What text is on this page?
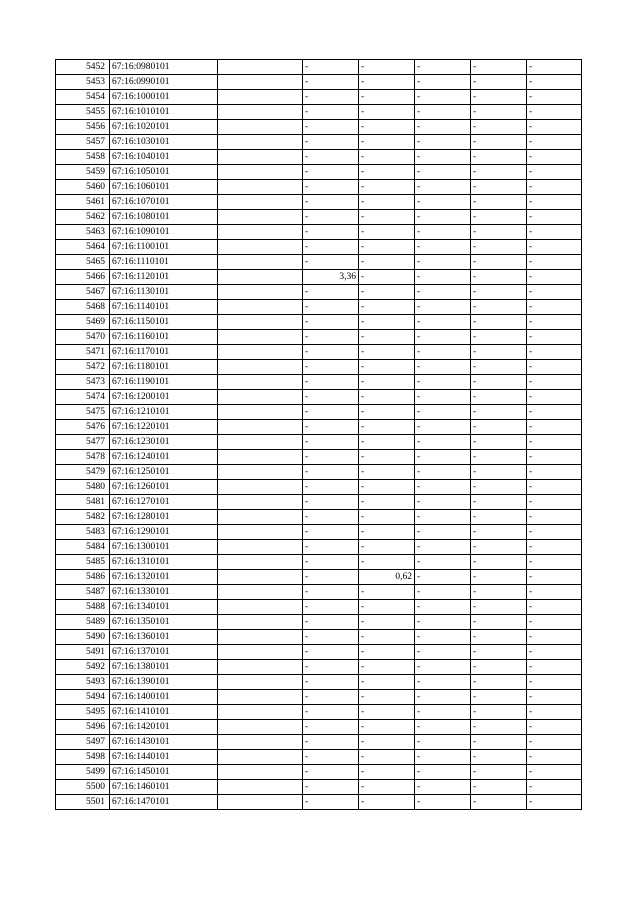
5452	67:16:0980101		-	-	-	-	-
5453	67:16:0990101		-	-	-	-	-
5454	67:16:1000101		-	-	-	-	-
5455	67:16:1010101		-	-	-	-	-
5456	67:16:1020101		-	-	-	-	-
5457	67:16:1030101		-	-	-	-	-
5458	67:16:1040101		-	-	-	-	-
5459	67:16:1050101		-	-	-	-	-
5460	67:16:1060101		-	-	-	-	-
5461	67:16:1070101		-	-	-	-	-
5462	67:16:1080101		-	-	-	-	-
5463	67:16:1090101		-	-	-	-	-
5464	67:16:1100101		-	-	-	-	-
5465	67:16:1110101		-	-	-	-	-
5466	67:16:1120101		3,36	-	-	-	-
5467	67:16:1130101		-	-	-	-	-
5468	67:16:1140101		-	-	-	-	-
5469	67:16:1150101		-	-	-	-	-
5470	67:16:1160101		-	-	-	-	-
5471	67:16:1170101		-	-	-	-	-
5472	67:16:1180101		-	-	-	-	-
5473	67:16:1190101		-	-	-	-	-
5474	67:16:1200101		-	-	-	-	-
5475	67:16:1210101		-	-	-	-	-
5476	67:16:1220101		-	-	-	-	-
5477	67:16:1230101		-	-	-	-	-
5478	67:16:1240101		-	-	-	-	-
5479	67:16:1250101		-	-	-	-	-
5480	67:16:1260101		-	-	-	-	-
5481	67:16:1270101		-	-	-	-	-
5482	67:16:1280101		-	-	-	-	-
5483	67:16:1290101		-	-	-	-	-
5484	67:16:1300101		-	-	-	-	-
5485	67:16:1310101		-	-	-	-	-
5486	67:16:1320101		-	0,62	-	-	-
5487	67:16:1330101		-	-	-	-	-
5488	67:16:1340101		-	-	-	-	-
5489	67:16:1350101		-	-	-	-	-
5490	67:16:1360101		-	-	-	-	-
5491	67:16:1370101		-	-	-	-	-
5492	67:16:1380101		-	-	-	-	-
5493	67:16:1390101		-	-	-	-	-
5494	67:16:1400101		-	-	-	-	-
5495	67:16:1410101		-	-	-	-	-
5496	67:16:1420101		-	-	-	-	-
5497	67:16:1430101		-	-	-	-	-
5498	67:16:1440101		-	-	-	-	-
5499	67:16:1450101		-	-	-	-	-
5500	67:16:1460101		-	-	-	-	-
5501	67:16:1470101		-	-	-	-	-
